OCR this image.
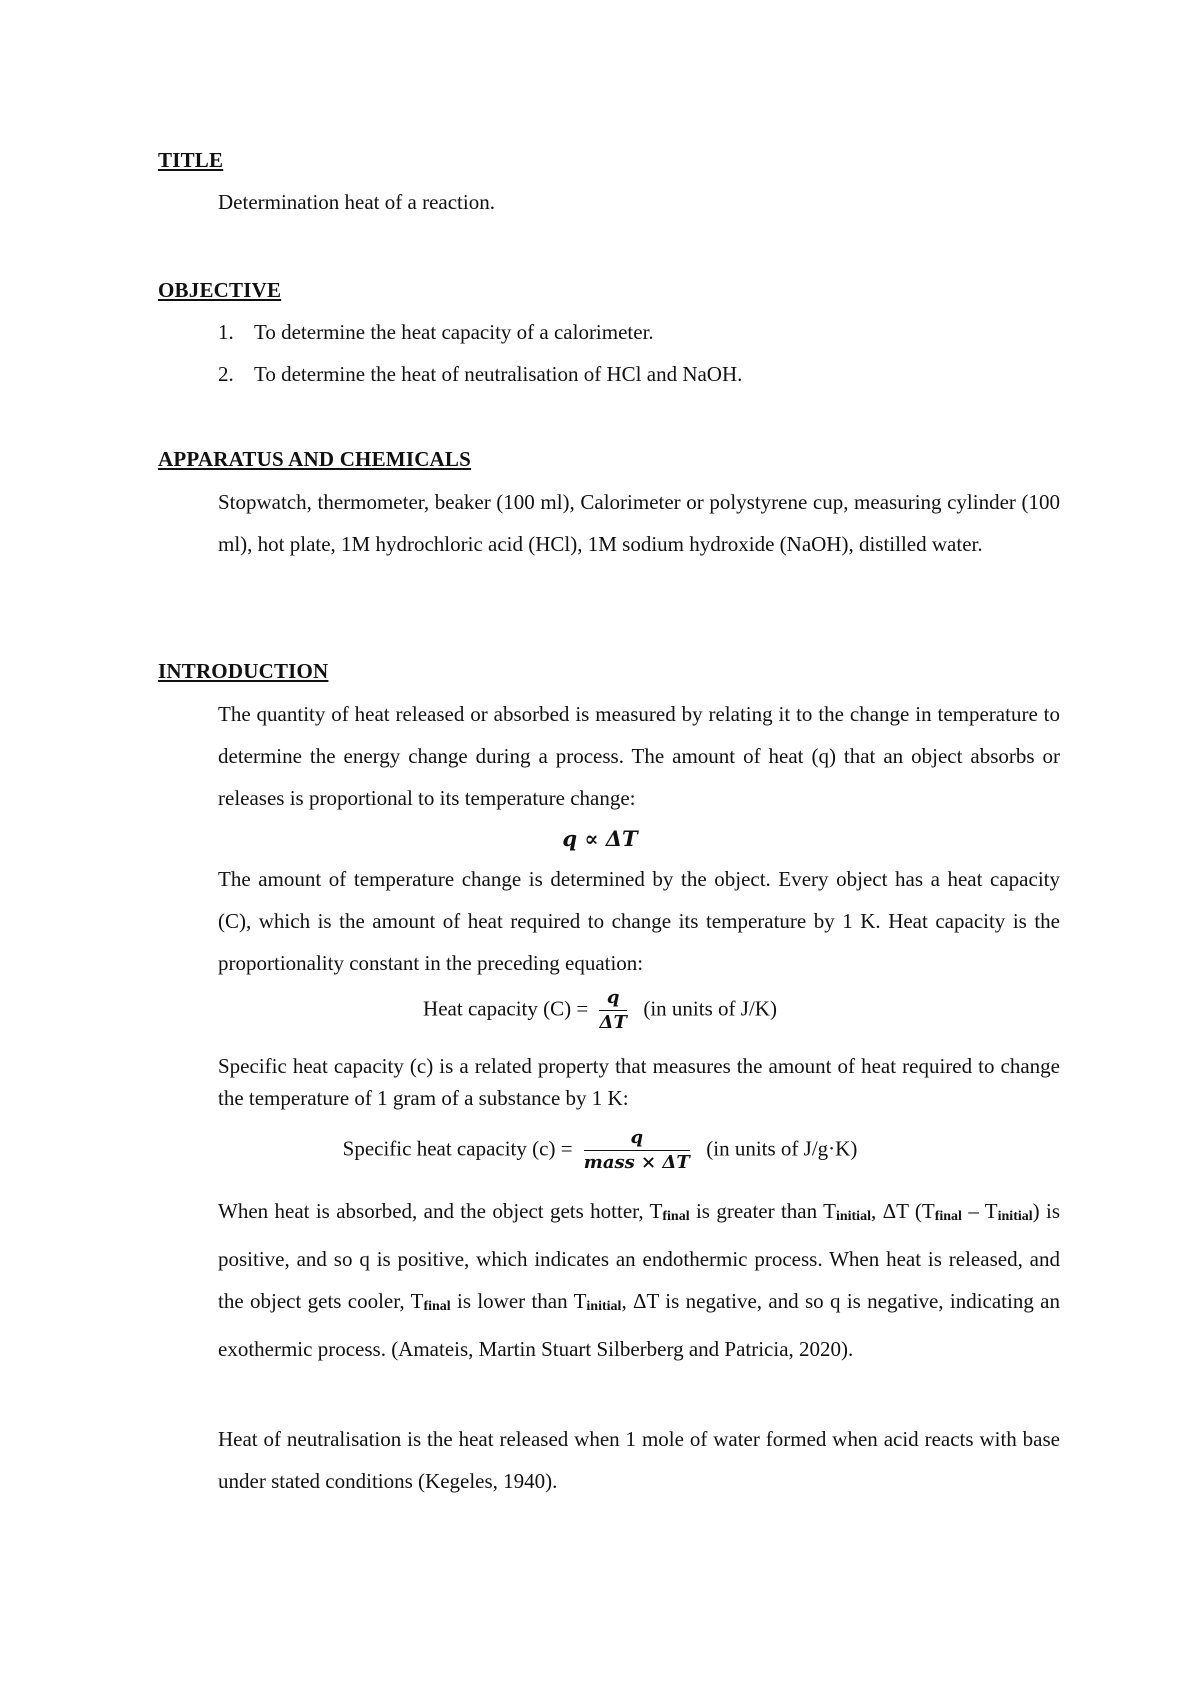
TITLE
Determination heat of a reaction.
OBJECTIVE
1. To determine the heat capacity of a calorimeter.
2. To determine the heat of neutralisation of HCl and NaOH.
APPARATUS AND CHEMICALS

Stopwatch, thermometer, beaker (100 ml), Calorimeter or polystyrene cup, measuring cylinder (100 ml), hot plate, 1M hydrochloric acid (HCl), 1M sodium hydroxide (NaOH), distilled water.

INTRODUCTION

The quantity of heat released or absorbed is measured by relating it to the change in temperature to determine the energy change during a process. The amount of heat (q) that an object absorbs or releases is proportional to its temperature change:

q ∝ ΔT

The amount of temperature change is determined by the object. Every object has a heat capacity (C), which is the amount of heat required to change its temperature by 1 K. Heat capacity is the proportionality constant in the preceding equation:

Heat capacity $(C) = \frac{q}{\Delta T} (in$ units of J/K)

Specific heat capacity (c) is a related property that measures the amount of heat required to change the temperature of 1 gram of a substance by 1 K:

Specific heat capacity $(c) = \frac{q}{\text{mass × ΔT}} (in$ units of J/g·K)

When heat is absorbed, and the object gets hotter, $T_{final}$ is greater than $T_{initial}$, ΔT $(T_{final} - T_{initial})$ is positive, and so q is positive, which indicates an endothermic process. When heat is released, and the object gets cooler, $T_{final}$ is lower than $T_{initial}$, ΔT is negative, and so q is negative, indicating an exothermic process. (Amateis, Martin Stuart Silberberg and Patricia, 2020).

Heat of neutralisation is the heat released when 1 mole of water formed when acid reacts with base under stated conditions (Kegeles, 1940).
